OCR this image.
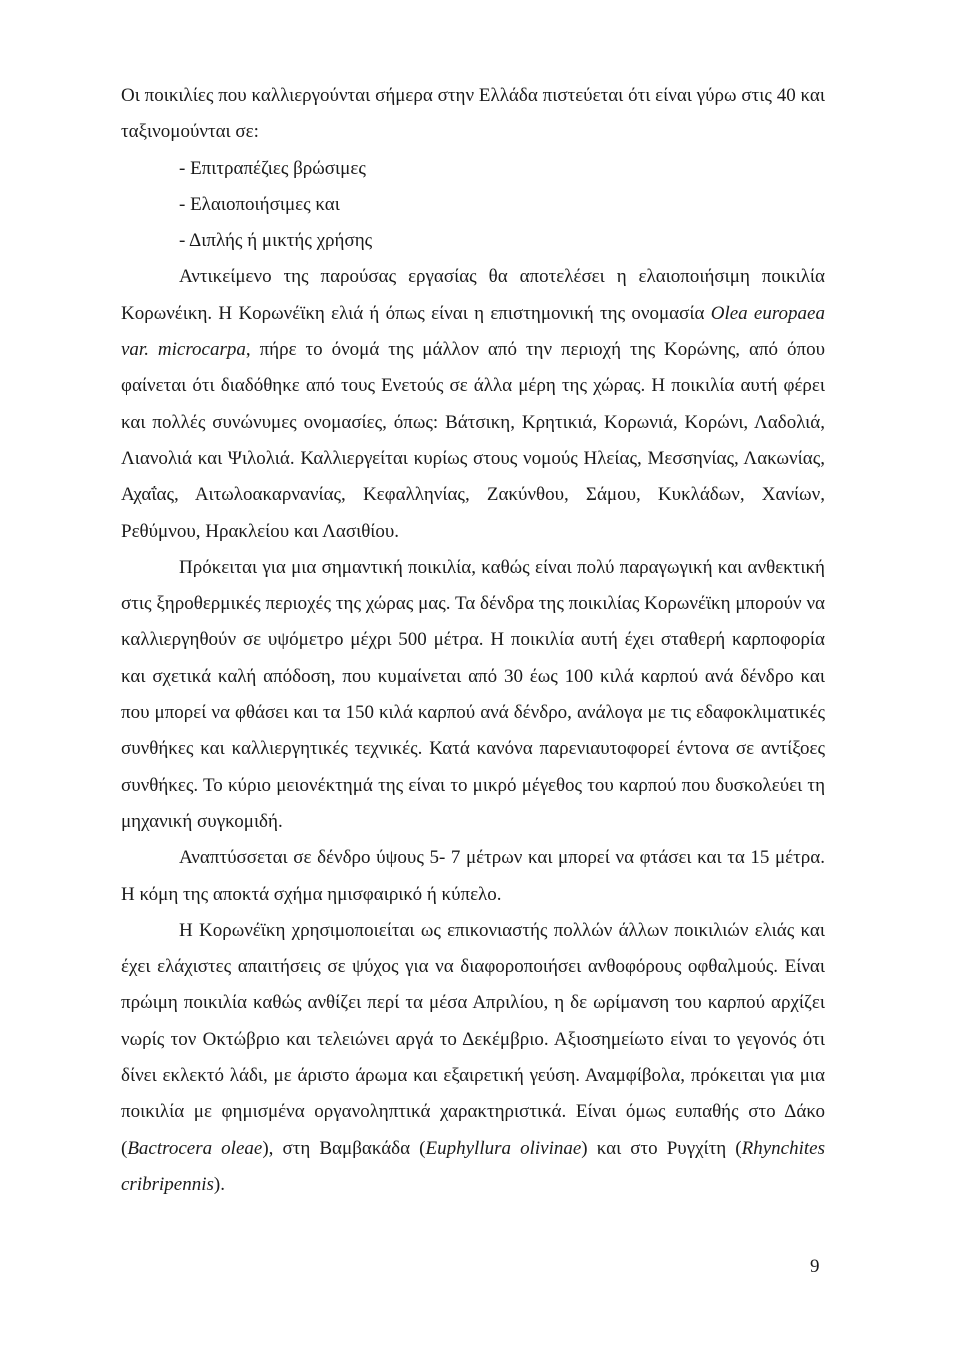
Οι ποικιλίες που καλλιεργούνται σήμερα στην Ελλάδα πιστεύεται ότι είναι γύρω στις 40 και ταξινομούνται σε:

- Επιτραπέζιες βρώσιμες

- Ελαιοποιήσιμες και

- Διπλής ή μικτής χρήσης

Αντικείμενο της παρούσας εργασίας θα αποτελέσει η ελαιοποιήσιμη ποικιλία Κορωνέικη. Η Κορωνέϊκη ελιά ή όπως είναι η επιστημονική της ονομασία Olea europaea var. microcarpa, πήρε το όνομά της μάλλον από την περιοχή της Κορώνης, από όπου φαίνεται ότι διαδόθηκε από τους Ενετούς σε άλλα μέρη της χώρας. Η ποικιλία αυτή φέρει και πολλές συνώνυμες ονομασίες, όπως: Βάτσικη, Κρητικιά, Κορωνιά, Κορώνι, Λαδολιά, Λιανολιά και Ψιλολιά. Καλλιεργείται κυρίως στους νομούς Ηλείας, Μεσσηνίας, Λακωνίας, Αχαΐας, Αιτωλοακαρνανίας, Κεφαλληνίας, Ζακύνθου, Σάμου, Κυκλάδων, Χανίων, Ρεθύμνου, Ηρακλείου και Λασιθίου.

Πρόκειται για μια σημαντική ποικιλία, καθώς είναι πολύ παραγωγική και ανθεκτική στις ξηροθερμικές περιοχές της χώρας μας. Τα δένδρα της ποικιλίας Κορωνέϊκη μπορούν να καλλιεργηθούν σε υψόμετρο μέχρι 500 μέτρα. Η ποικιλία αυτή έχει σταθερή καρποφορία και σχετικά καλή απόδοση, που κυμαίνεται από 30 έως 100 κιλά καρπού ανά δένδρο και που μπορεί να φθάσει και τα 150 κιλά καρπού ανά δένδρο, ανάλογα με τις εδαφοκλιματικές συνθήκες και καλλιεργητικές τεχνικές. Κατά κανόνα παρενιαυτοφορεί έντονα σε αντίξοες συνθήκες. Το κύριο μειονέκτημά της είναι το μικρό μέγεθος του καρπού που δυσκολεύει τη μηχανική συγκομιδή.

Αναπτύσσεται σε δένδρο ύψους 5- 7 μέτρων και μπορεί να φτάσει και τα 15 μέτρα. Η κόμη της αποκτά σχήμα ημισφαιρικό ή κύπελο.

Η Κορωνέϊκη χρησιμοποιείται ως επικονιαστής πολλών άλλων ποικιλιών ελιάς και έχει ελάχιστες απαιτήσεις σε ψύχος για να διαφοροποιήσει ανθοφόρους οφθαλμούς. Είναι πρώιμη ποικιλία καθώς ανθίζει περί τα μέσα Απριλίου, η δε ωρίμανση του καρπού αρχίζει νωρίς τον Οκτώβριο και τελειώνει αργά το Δεκέμβριο. Αξιοσημείωτο είναι το γεγονός ότι δίνει εκλεκτό λάδι, με άριστο άρωμα και εξαιρετική γεύση. Αναμφίβολα, πρόκειται για μια ποικιλία με φημισμένα οργανοληπτικά χαρακτηριστικά. Είναι όμως ευπαθής στο Δάκο (Bactrocera oleae), στη Βαμβακάδα (Euphyllura olivinae) και στο Ρυγχίτη (Rhynchites cribripennis).

9
